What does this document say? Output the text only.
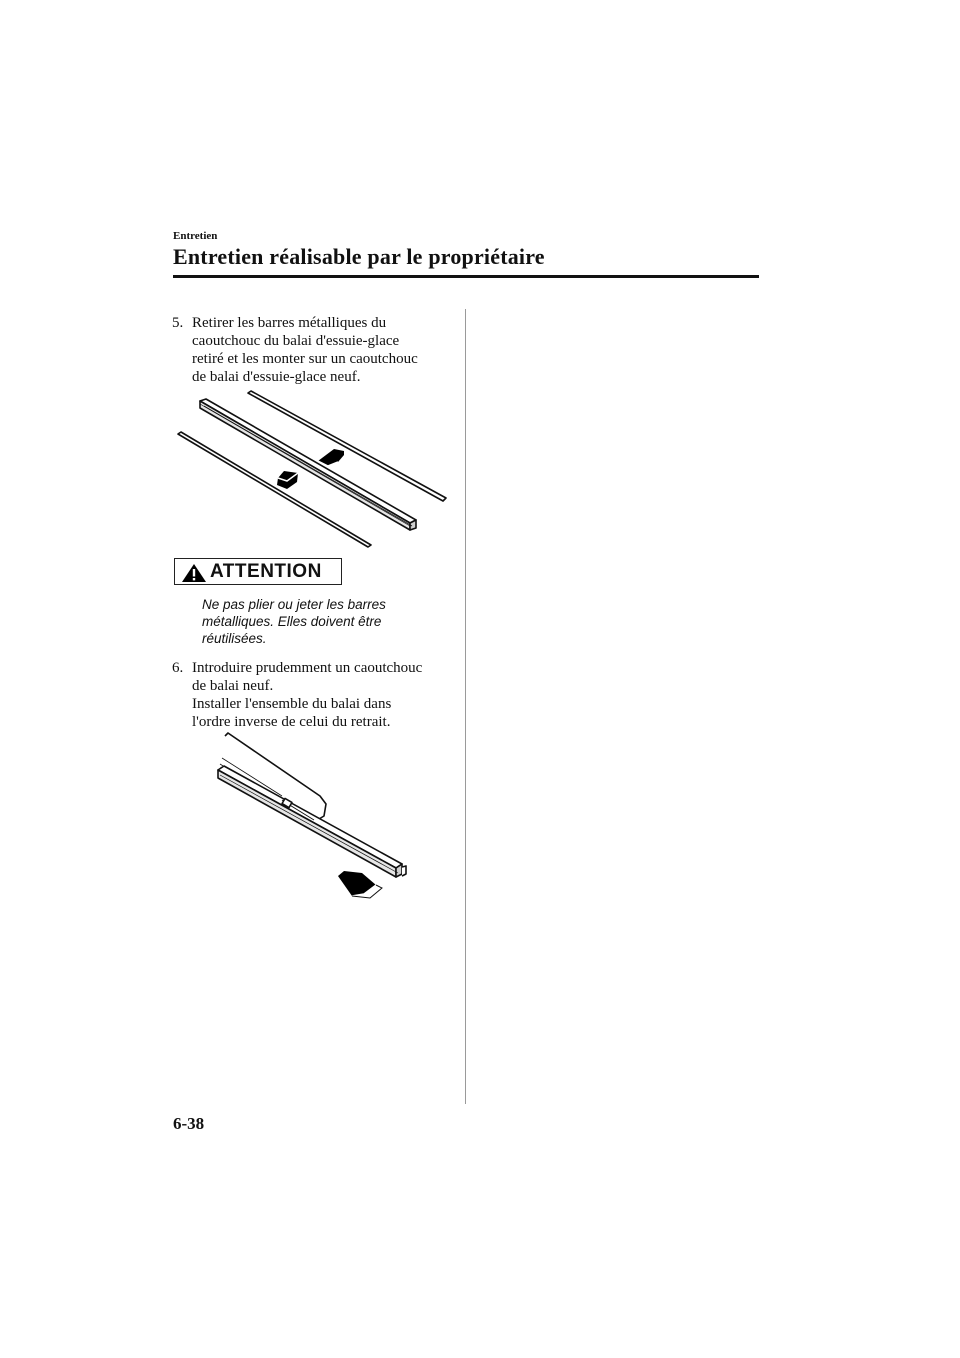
Entretien
Entretien réalisable par le propriétaire
5. Retirer les barres métalliques du
caoutchouc du balai d'essuie-glace
retiré et les monter sur un caoutchouc
de balai d'essuie-glace neuf.
ATTENTION
Ne pas plier ou jeter les barres
métalliques. Elles doivent être
réutilisées.
6. Introduire prudemment un caoutchouc
de balai neuf.
Installer l'ensemble du balai dans
l'ordre inverse de celui du retrait.
6-38
